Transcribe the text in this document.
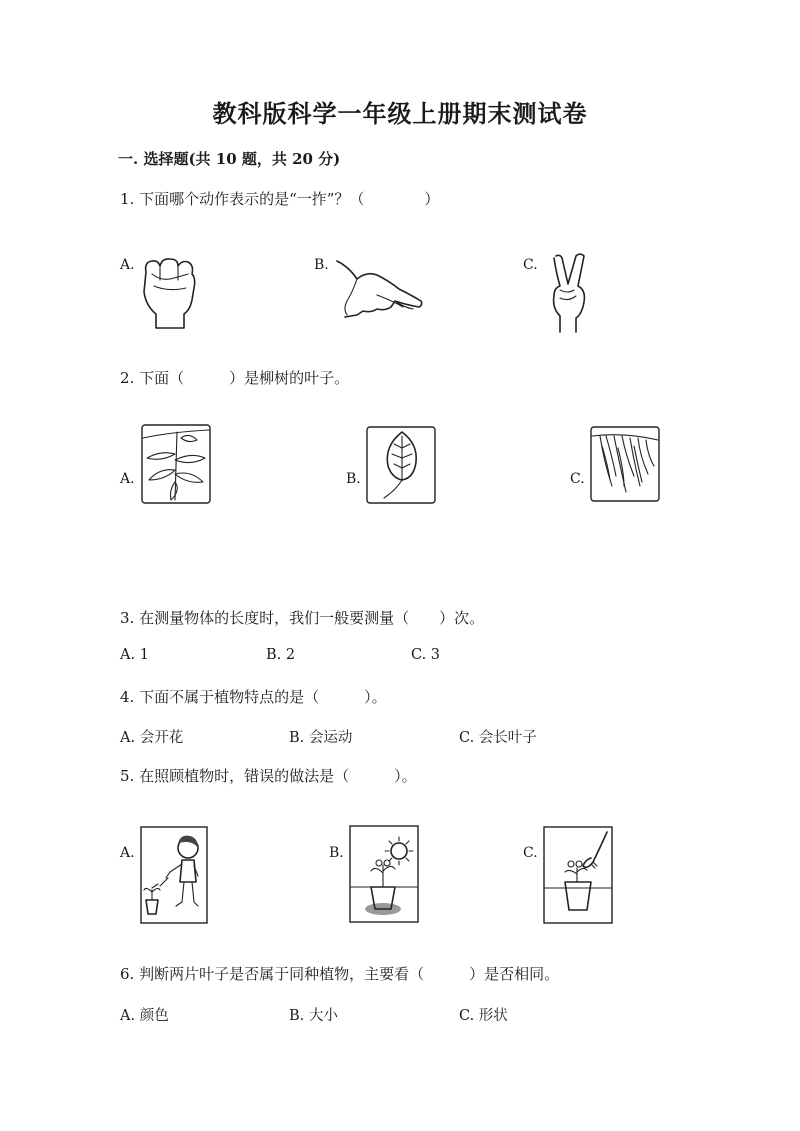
教科版科学一年级上册期末测试卷
一. 选择题(共 10 题，共 20 分)
1. 下面哪个动作表示的是“一拃”？（　　　　）
A.	B.	C.
2. 下面（　　　）是柳树的叶子。
A.	B.	C.
3. 在测量物体的长度时，我们一般要测量（　　）次。
A. 1	B. 2	C. 3
4. 下面不属于植物特点的是（　　　）。
A. 会开花	B. 会运动	C. 会长叶子
5. 在照顾植物时，错误的做法是（　　　）。
A.	B.	C.
6. 判断两片叶子是否属于同种植物，主要看（　　　）是否相同。
A. 颜色	B. 大小	C. 形状
